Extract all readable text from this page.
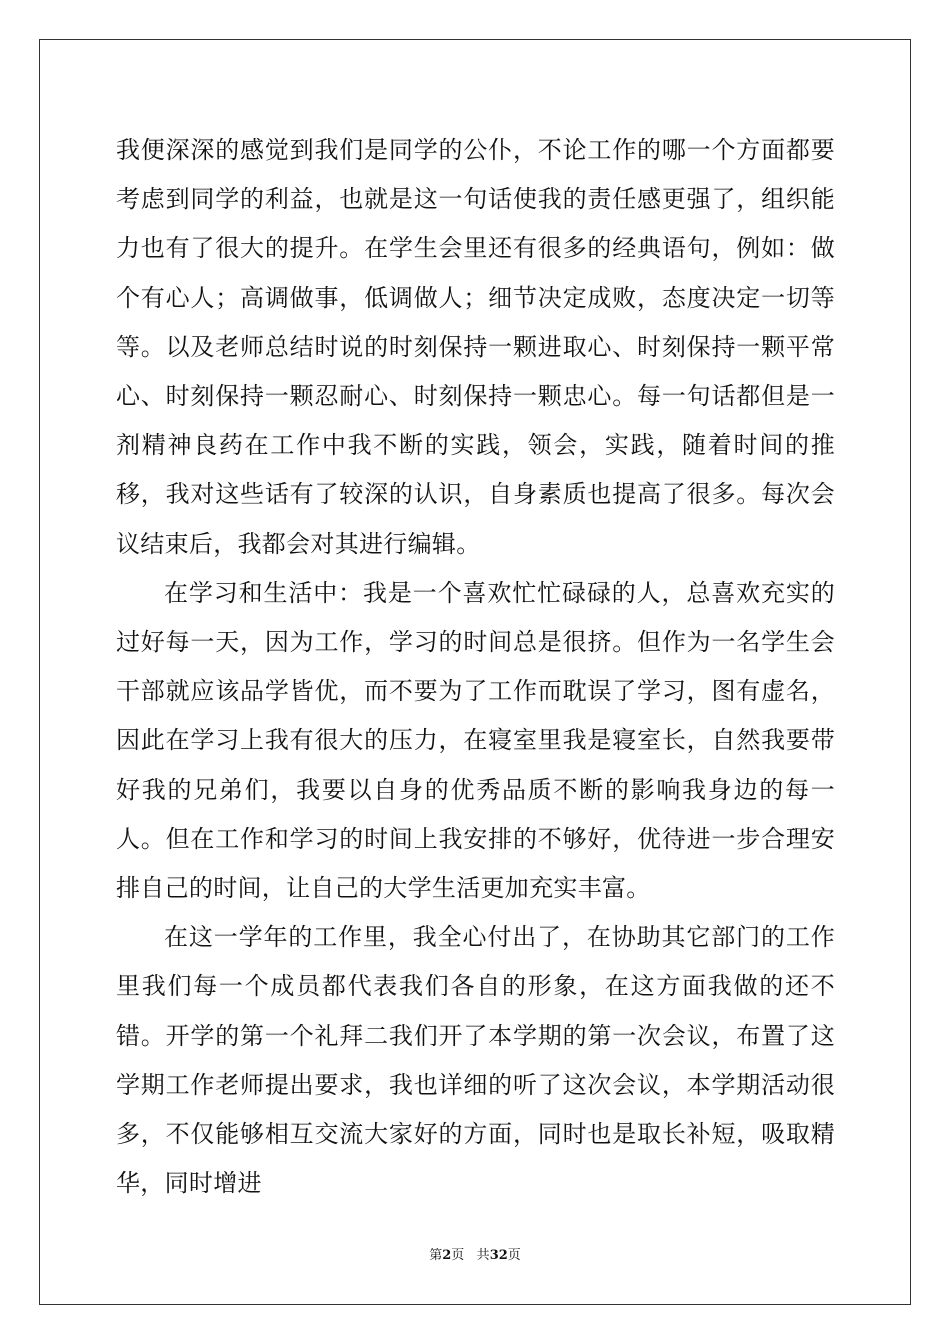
我便深深的感觉到我们是同学的公仆，不论工作的哪一个方面都要考虑到同学的利益，也就是这一句话使我的责任感更强了，组织能力也有了很大的提升。在学生会里还有很多的经典语句，例如：做个有心人；高调做事，低调做人；细节决定成败，态度决定一切等等。以及老师总结时说的时刻保持一颗进取心、时刻保持一颗平常心、时刻保持一颗忍耐心、时刻保持一颗忠心。每一句话都但是一剂精神良药在工作中我不断的实践，领会，实践，随着时间的推移，我对这些话有了较深的认识，自身素质也提高了很多。每次会议结束后，我都会对其进行编辑。

在学习和生活中：我是一个喜欢忙忙碌碌的人，总喜欢充实的过好每一天，因为工作，学习的时间总是很挤。但作为一名学生会干部就应该品学皆优，而不要为了工作而耽误了学习，图有虚名，因此在学习上我有很大的压力，在寝室里我是寝室长，自然我要带好我的兄弟们，我要以自身的优秀品质不断的影响我身边的每一人。但在工作和学习的时间上我安排的不够好，优待进一步合理安排自己的时间，让自己的大学生活更加充实丰富。

在这一学年的工作里，我全心付出了，在协助其它部门的工作里我们每一个成员都代表我们各自的形象，在这方面我做的还不错。开学的第一个礼拜二我们开了本学期的第一次会议，布置了这学期工作老师提出要求，我也详细的听了这次会议，本学期活动很多，不仅能够相互交流大家好的方面，同时也是取长补短，吸取精华，同时增进

第2页 共32页
